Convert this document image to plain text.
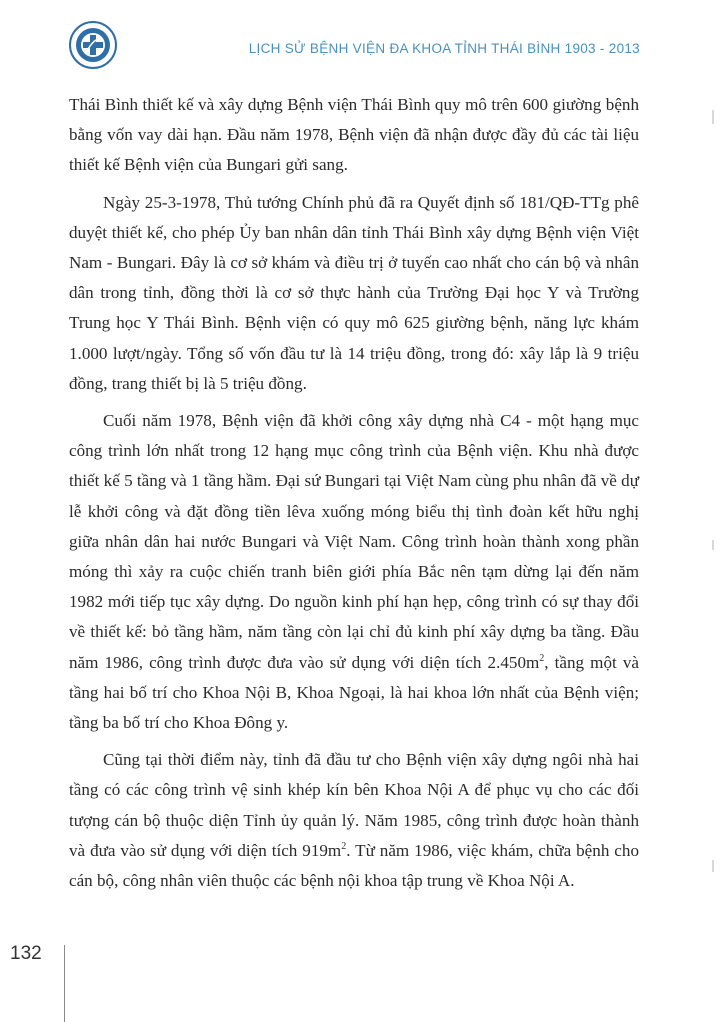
LỊCH SỬ BỆNH VIỆN ĐA KHOA TỈNH THÁI BÌNH 1903 - 2013

Thái Bình thiết kế và xây dựng Bệnh viện Thái Bình quy mô trên 600 giường bệnh bằng vốn vay dài hạn. Đầu năm 1978, Bệnh viện đã nhận được đầy đủ các tài liệu thiết kế Bệnh viện của Bungari gửi sang.

Ngày 25-3-1978, Thủ tướng Chính phủ đã ra Quyết định số 181/QĐ-TTg phê duyệt thiết kế, cho phép Ủy ban nhân dân tỉnh Thái Bình xây dựng Bệnh viện Việt Nam - Bungari. Đây là cơ sở khám và điều trị ở tuyến cao nhất cho cán bộ và nhân dân trong tỉnh, đồng thời là cơ sở thực hành của Trường Đại học Y và Trường Trung học Y Thái Bình. Bệnh viện có quy mô 625 giường bệnh, năng lực khám 1.000 lượt/ngày. Tổng số vốn đầu tư là 14 triệu đồng, trong đó: xây lắp là 9 triệu đồng, trang thiết bị là 5 triệu đồng.

Cuối năm 1978, Bệnh viện đã khởi công xây dựng nhà C4 - một hạng mục công trình lớn nhất trong 12 hạng mục công trình của Bệnh viện. Khu nhà được thiết kế 5 tầng và 1 tầng hầm. Đại sứ Bungari tại Việt Nam cùng phu nhân đã về dự lễ khởi công và đặt đồng tiền lêva xuống móng biểu thị tình đoàn kết hữu nghị giữa nhân dân hai nước Bungari và Việt Nam. Công trình hoàn thành xong phần móng thì xảy ra cuộc chiến tranh biên giới phía Bắc nên tạm dừng lại đến năm 1982 mới tiếp tục xây dựng. Do nguồn kinh phí hạn hẹp, công trình có sự thay đổi về thiết kế: bỏ tầng hầm, năm tầng còn lại chỉ đủ kinh phí xây dựng ba tầng. Đầu năm 1986, công trình được đưa vào sử dụng với diện tích $2.450m^2$, tầng một và tầng hai bố trí cho Khoa Nội B, Khoa Ngoại, là hai khoa lớn nhất của Bệnh viện; tầng ba bố trí cho Khoa Đông y.

Cũng tại thời điểm này, tỉnh đã đầu tư cho Bệnh viện xây dựng ngôi nhà hai tầng có các công trình vệ sinh khép kín bên Khoa Nội A để phục vụ cho các đối tượng cán bộ thuộc diện Tỉnh ủy quản lý. Năm 1985, công trình được hoàn thành và đưa vào sử dụng với diện tích $919m^2$. Từ năm 1986, việc khám, chữa bệnh cho cán bộ, công nhân viên thuộc các bệnh nội khoa tập trung về Khoa Nội A.

132
